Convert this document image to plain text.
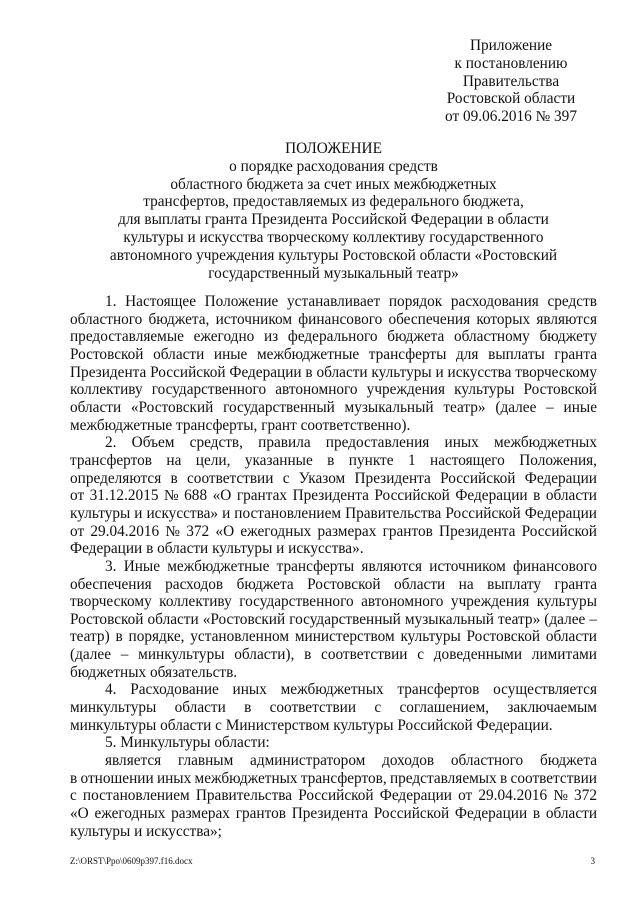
Приложение
к постановлению
Правительства
Ростовской области
от 09.06.2016 № 397
ПОЛОЖЕНИЕ
о порядке расходования средств
областного бюджета за счет иных межбюджетных
трансфертов, предоставляемых из федерального бюджета,
для выплаты гранта Президента Российской Федерации в области
культуры и искусства творческому коллективу государственного
автономного учреждения культуры Ростовской области «Ростовский
государственный музыкальный театр»
1. Настоящее Положение устанавливает порядок расходования средств
областного бюджета, источником финансового обеспечения которых являются
предоставляемые ежегодно из федерального бюджета областному бюджету
Ростовской области иные межбюджетные трансферты для выплаты гранта
Президента Российской Федерации в области культуры и искусства творческому
коллективу государственного автономного учреждения культуры Ростовской
области «Ростовский государственный музыкальный театр» (далее – иные
межбюджетные трансферты, грант соответственно).
2. Объем средств, правила предоставления иных межбюджетных
трансфертов на цели, указанные в пункте 1 настоящего Положения,
определяются в соответствии с Указом Президента Российской Федерации
от 31.12.2015 № 688 «О грантах Президента Российской Федерации в области
культуры и искусства» и постановлением Правительства Российской Федерации
от 29.04.2016 № 372 «О ежегодных размерах грантов Президента Российской
Федерации в области культуры и искусства».
3. Иные межбюджетные трансферты являются источником финансового
обеспечения расходов бюджета Ростовской области на выплату гранта
творческому коллективу государственного автономного учреждения культуры
Ростовской области «Ростовский государственный музыкальный театр» (далее –
театр) в порядке, установленном министерством культуры Ростовской области
(далее – минкультуры области), в соответствии с доведенными лимитами
бюджетных обязательств.
4. Расходование иных межбюджетных трансфертов осуществляется
минкультуры области в соответствии с соглашением, заключаемым
минкультуры области с Министерством культуры Российской Федерации.
5. Минкультуры области:
является главным администратором доходов областного бюджета
в отношении иных межбюджетных трансфертов, представляемых в соответствии
с постановлением Правительства Российской Федерации от 29.04.2016 № 372
«О ежегодных размерах грантов Президента Российской Федерации в области
культуры и искусства»;
Z:\ORST\Ppo\0609p397.f16.docx	3
